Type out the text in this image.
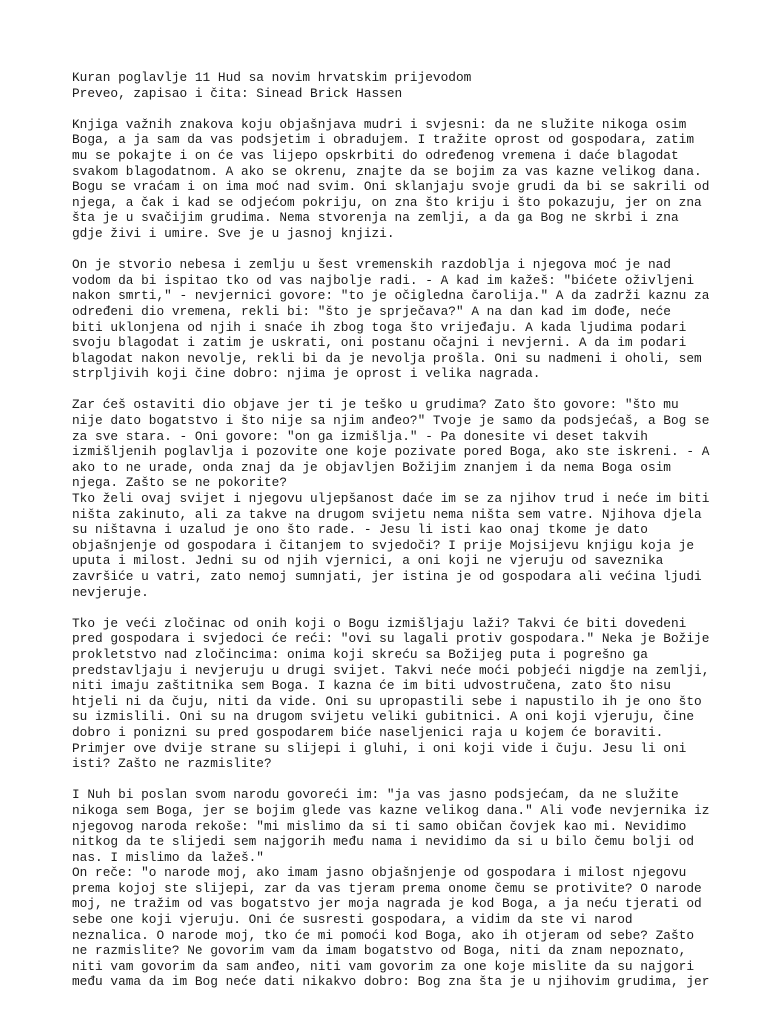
Kuran poglavlje 11 Hud sa novim hrvatskim prijevodom
Preveo, zapisao i čita: Sinead Brick Hassen
Knjiga važnih znakova koju objašnjava mudri i svjesni: da ne služite nikoga osim
Boga, a ja sam da vas podsjetim i obradujem. I tražite oprost od gospodara, zatim
mu se pokajte i on će vas lijepo opskrbiti do određenog vremena i daće blagodat
svakom blagodatnom. A ako se okrenu, znajte da se bojim za vas kazne velikog dana.
Bogu se vraćam i on ima moć nad svim. Oni sklanjaju svoje grudi da bi se sakrili od
njega, a čak i kad se odjećom pokriju, on zna što kriju i što pokazuju, jer on zna
šta je u svačijim grudima. Nema stvorenja na zemlji, a da ga Bog ne skrbi i zna
gdje živi i umire. Sve je u jasnoj knjizi.
On je stvorio nebesa i zemlju u šest vremenskih razdoblja i njegova moć je nad
vodom da bi ispitao tko od vas najbolje radi. - A kad im kažeš: "bićete oživljeni
nakon smrti," - nevjernici govore: "to je očigledna čarolija." A da zadrži kaznu za
određeni dio vremena, rekli bi: "što je sprječava?" A na dan kad im dođe, neće
biti uklonjena od njih i snaće ih zbog toga što vrijeđaju. A kada ljudima podari
svoju blagodat i zatim je uskrati, oni postanu očajni i nevjerni. A da im podari
blagodat nakon nevolje, rekli bi da je nevolja prošla. Oni su nadmeni i oholi, sem
strpljivih koji čine dobro: njima je oprost i velika nagrada.
Zar ćeš ostaviti dio objave jer ti je teško u grudima? Zato što govore: "što mu
nije dato bogatstvo i što nije sa njim anđeo?" Tvoje je samo da podsjećaš, a Bog se
za sve stara. - Oni govore: "on ga izmišlja." - Pa donesite vi deset takvih
izmišljenih poglavlja i pozovite one koje pozivate pored Boga, ako ste iskreni. - A
ako to ne urade, onda znaj da je objavljen Božijim znanjem i da nema Boga osim
njega. Zašto se ne pokorite?
Tko želi ovaj svijet i njegovu uljepšanost daće im se za njihov trud i neće im biti
ništa zakinuto, ali za takve na drugom svijetu nema ništa sem vatre. Njihova djela
su ništavna i uzalud je ono što rade. - Jesu li isti kao onaj tkome je dato
objašnjenje od gospodara i čitanjem to svjedoči? I prije Mojsijevu knjigu koja je
uputa i milost. Jedni su od njih vjernici, a oni koji ne vjeruju od saveznika
završiće u vatri, zato nemoj sumnjati, jer istina je od gospodara ali većina ljudi
nevjeruje.
Tko je veći zločinac od onih koji o Bogu izmišljaju laži? Takvi će biti dovedeni
pred gospodara i svjedoci će reći: "ovi su lagali protiv gospodara." Neka je Božije
prokletstvo nad zločincima: onima koji skreću sa Božijeg puta i pogrešno ga
predstavljaju i nevjeruju u drugi svijet. Takvi neće moći pobjeći nigdje na zemlji,
niti imaju zaštitnika sem Boga. I kazna će im biti udvostručena, zato što nisu
htjeli ni da čuju, niti da vide. Oni su upropastili sebe i napustilo ih je ono što
su izmislili. Oni su na drugom svijetu veliki gubitnici. A oni koji vjeruju, čine
dobro i ponizni su pred gospodarem biće naseljenici raja u kojem će boraviti.
Primjer ove dvije strane su slijepi i gluhi, i oni koji vide i čuju. Jesu li oni
isti? Zašto ne razmislite?
I Nuh bi poslan svom narodu govoreći im: "ja vas jasno podsjećam, da ne služite
nikoga sem Boga, jer se bojim glede vas kazne velikog dana." Ali vođe nevjernika iz
njegovog naroda rekoše: "mi mislimo da si ti samo običan čovjek kao mi. Nevidimo
nitkog da te slijedi sem najgorih među nama i nevidimo da si u bilo čemu bolji od
nas. I mislimo da lažeš."
On reče: "o narode moj, ako imam jasno objašnjenje od gospodara i milost njegovu
prema kojoj ste slijepi, zar da vas tjeram prema onome čemu se protivite? O narode
moj, ne tražim od vas bogatstvo jer moja nagrada je kod Boga, a ja neću tjerati od
sebe one koji vjeruju. Oni će susresti gospodara, a vidim da ste vi narod
neznalica. O narode moj, tko će mi pomoći kod Boga, ako ih otjeram od sebe? Zašto
ne razmislite? Ne govorim vam da imam bogatstvo od Boga, niti da znam nepoznato,
niti vam govorim da sam anđeo, niti vam govorim za one koje mislite da su najgori
među vama da im Bog neće dati nikakvo dobro: Bog zna šta je u njihovim grudima, jer
